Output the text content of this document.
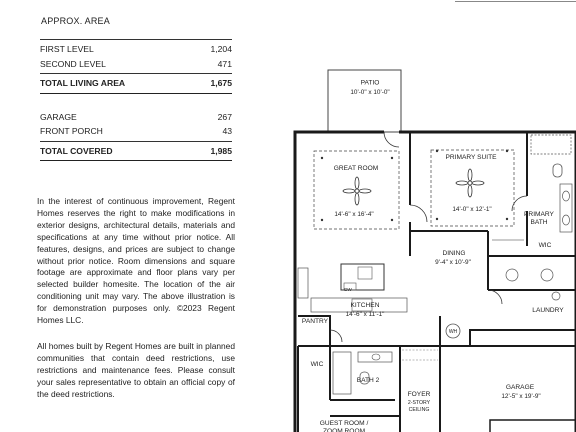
APPROX. AREA
FIRST LEVEL	1,204
SECOND LEVEL	471
TOTAL LIVING AREA	1,675
GARAGE	267
FRONT PORCH	43
TOTAL COVERED	1,985
In the interest of continuous improvement, Regent Homes reserves the right to make modifications in exterior designs, architectural details, materials and specifications at any time without prior notice. All features, designs, and prices are subject to change without prior notice. Room dimensions and square footage are approximate and floor plans vary per selected builder homesite. The location of the air conditioning unit may vary. The above illustration is for demonstration purposes only. ©2023 Regent Homes LLC.
All homes built by Regent Homes are built in planned communities that contain deed restrictions, use restrictions and maintenance fees. Please consult your sales representative to obtain an official copy of the deed restrictions.
PATIO
10'-0" x 10'-0"
GREAT ROOM
14'-6" x 16'-4"
PRIMARY SUITE
14'-0" x 12'-1"
PRIMARY
BATH
WIC
DINING
9'-4" x 10'-9"
DW
KITCHEN
14'-6" x 11'-1"
PANTRY
LAUNDRY
WH
WIC
BATH 2
FOYER
2-STORY
CEILING
GARAGE
12'-5" x 19'-9"
GUEST ROOM /
ZOOM ROOM
